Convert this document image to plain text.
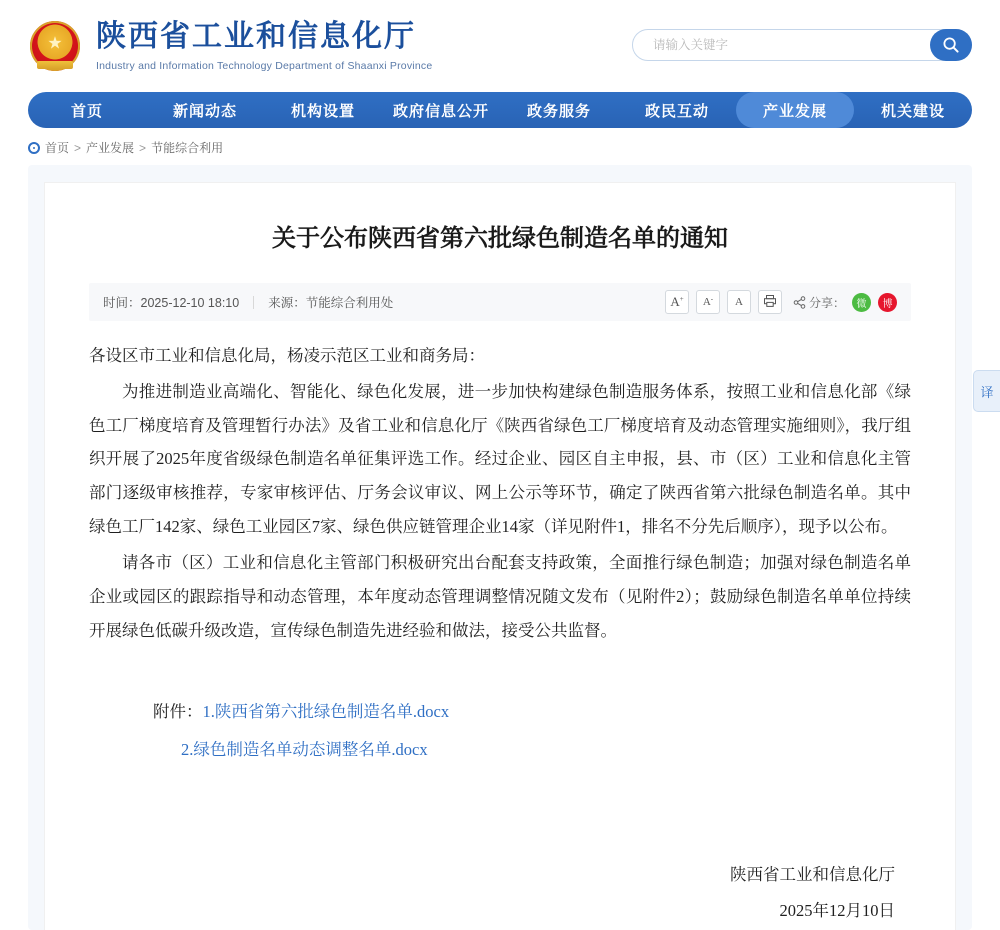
★ 陕西省工业和信息化厅
Industry and Information Technology Department of Shaanxi Province
请输入关键字
首页	新闻动态	机构设置	政府信息公开	政务服务	政民互动	产业发展	机关建设
首页 > 产业发展 > 节能综合利用
关于公布陕西省第六批绿色制造名单的通知
时间：2025-12-10 18:10 来源：节能综合利用处	A+ A- A	分享：	微	博

各设区市工业和信息化局，杨凌示范区工业和商务局：

为推进制造业高端化、智能化、绿色化发展，进一步加快构建绿色制造服务体系，按照工业和信息化部《绿色工厂梯度培育及管理暂行办法》及省工业和信息化厅《陕西省绿色工厂梯度培育及动态管理实施细则》，我厅组织开展了2025年度省级绿色制造名单征集评选工作。经过企业、园区自主申报，县、市（区）工业和信息化主管部门逐级审核推荐，专家审核评估、厅务会议审议、网上公示等环节，确定了陕西省第六批绿色制造名单。其中绿色工厂142家、绿色工业园区7家、绿色供应链管理企业14家（详见附件1，排名不分先后顺序），现予以公布。

请各市（区）工业和信息化主管部门积极研究出台配套支持政策，全面推行绿色制造；加强对绿色制造名单企业或园区的跟踪指导和动态管理，本年度动态管理调整情况随文发布（见附件2）；鼓励绿色制造名单单位持续开展绿色低碳升级改造，宣传绿色制造先进经验和做法，接受公共监督。

附件：1.陕西省第六批绿色制造名单.docx
2.绿色制造名单动态调整名单.docx
陕西省工业和信息化厅
2025年12月10日
译
